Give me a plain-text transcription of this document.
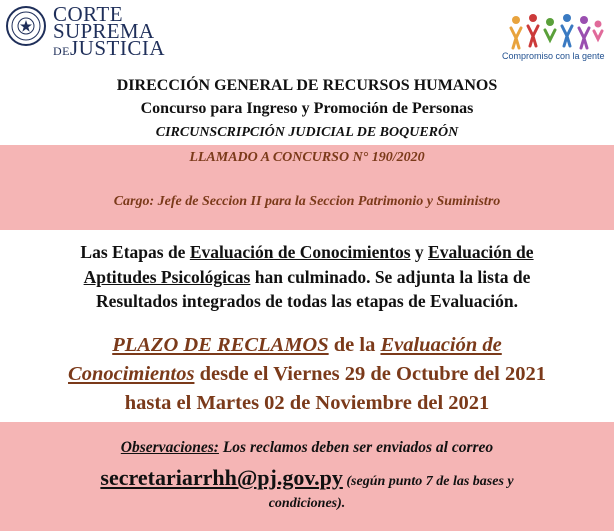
CORTE
SUPREMA
DEJUSTICIA	Compromiso con la gente
DIRECCIÓN GENERAL DE RECURSOS HUMANOS
Concurso para Ingreso y Promoción de Personas
CIRCUNSCRIPCIÓN JUDICIAL DE BOQUERÓN
LLAMADO A CONCURSO N° 190/2020
Cargo: Jefe de Seccion II para la Seccion Patrimonio y Suministro
Las Etapas de Evaluación de Conocimientos y Evaluación de
Aptitudes Psicológicas han culminado. Se adjunta la lista de
Resultados integrados de todas las etapas de Evaluación.
PLAZO DE RECLAMOS de la Evaluación de
Conocimientos desde el Viernes 29 de Octubre del 2021
hasta el Martes 02 de Noviembre del 2021
Observaciones: Los reclamos deben ser enviados al correo
secretariarrhh@pj.gov.py (según punto 7 de las bases y
condiciones).
